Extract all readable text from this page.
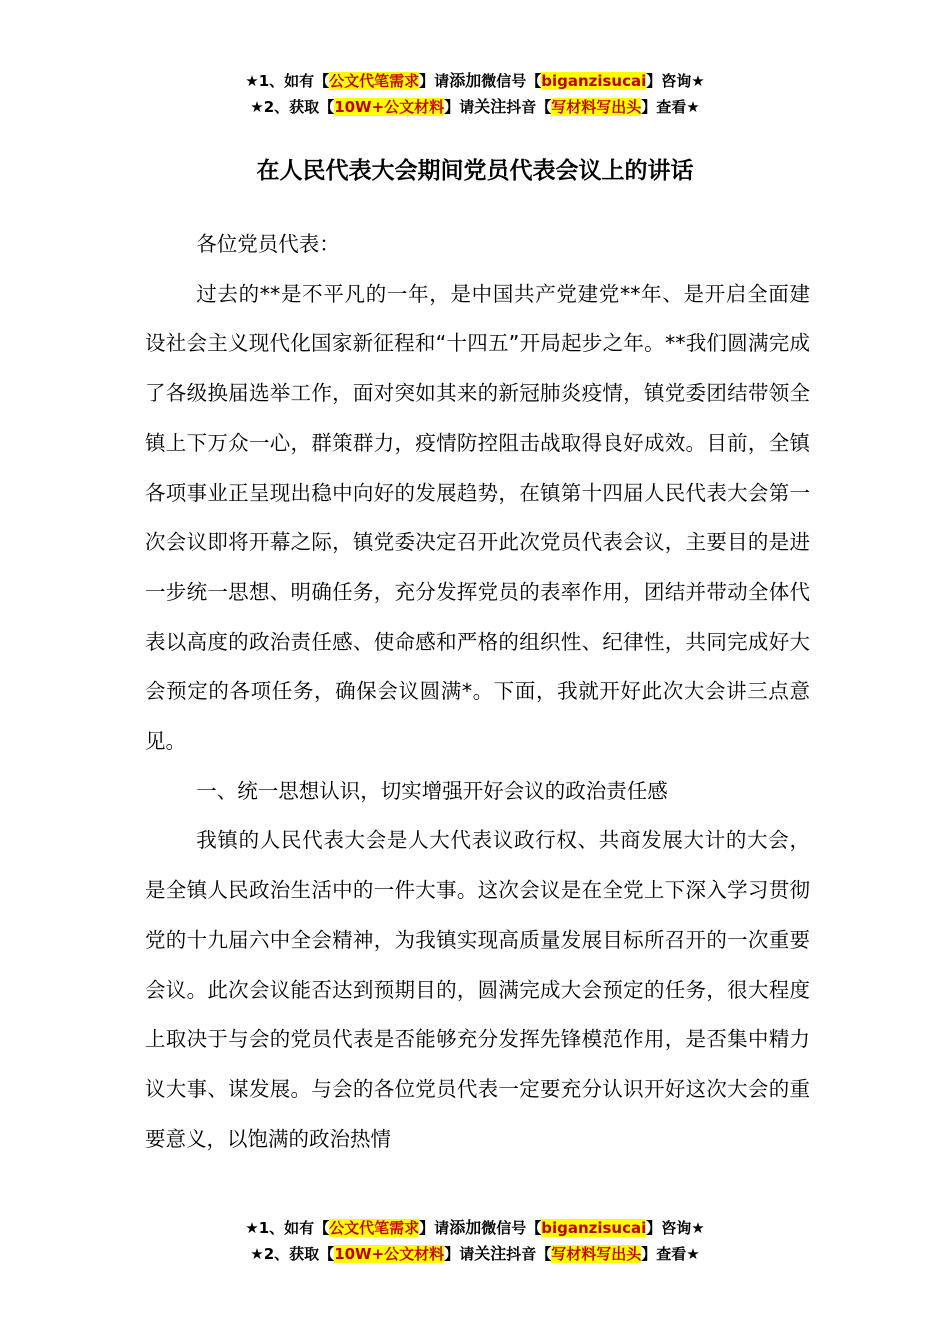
★1、如有【公文代笔需求】请添加微信号【biganzisucai】咨询★
★2、获取【10W+公文材料】请关注抖音【写材料写出头】查看★
在人民代表大会期间党员代表会议上的讲话

各位党员代表：

过去的**是不平凡的一年，是中国共产党建党**年、是开启全面建设社会主义现代化国家新征程和“十四五”开局起步之年。**我们圆满完成了各级换届选举工作，面对突如其来的新冠肺炎疫情，镇党委团结带领全镇上下万众一心，群策群力，疫情防控阻击战取得良好成效。目前，全镇各项事业正呈现出稳中向好的发展趋势，在镇第十四届人民代表大会第一次会议即将开幕之际，镇党委决定召开此次党员代表会议，主要目的是进一步统一思想、明确任务，充分发挥党员的表率作用，团结并带动全体代表以高度的政治责任感、使命感和严格的组织性、纪律性，共同完成好大会预定的各项任务，确保会议圆满*。下面，我就开好此次大会讲三点意见。

一、统一思想认识，切实增强开好会议的政治责任感

我镇的人民代表大会是人大代表议政行权、共商发展大计的大会，是全镇人民政治生活中的一件大事。这次会议是在全党上下深入学习贯彻党的十九届六中全会精神，为我镇实现高质量发展目标所召开的一次重要会议。此次会议能否达到预期目的，圆满完成大会预定的任务，很大程度上取决于与会的党员代表是否能够充分发挥先锋模范作用，是否集中精力议大事、谋发展。与会的各位党员代表一定要充分认识开好这次大会的重要意义，以饱满的政治热情

★1、如有【公文代笔需求】请添加微信号【biganzisucai】咨询★
★2、获取【10W+公文材料】请关注抖音【写材料写出头】查看★
